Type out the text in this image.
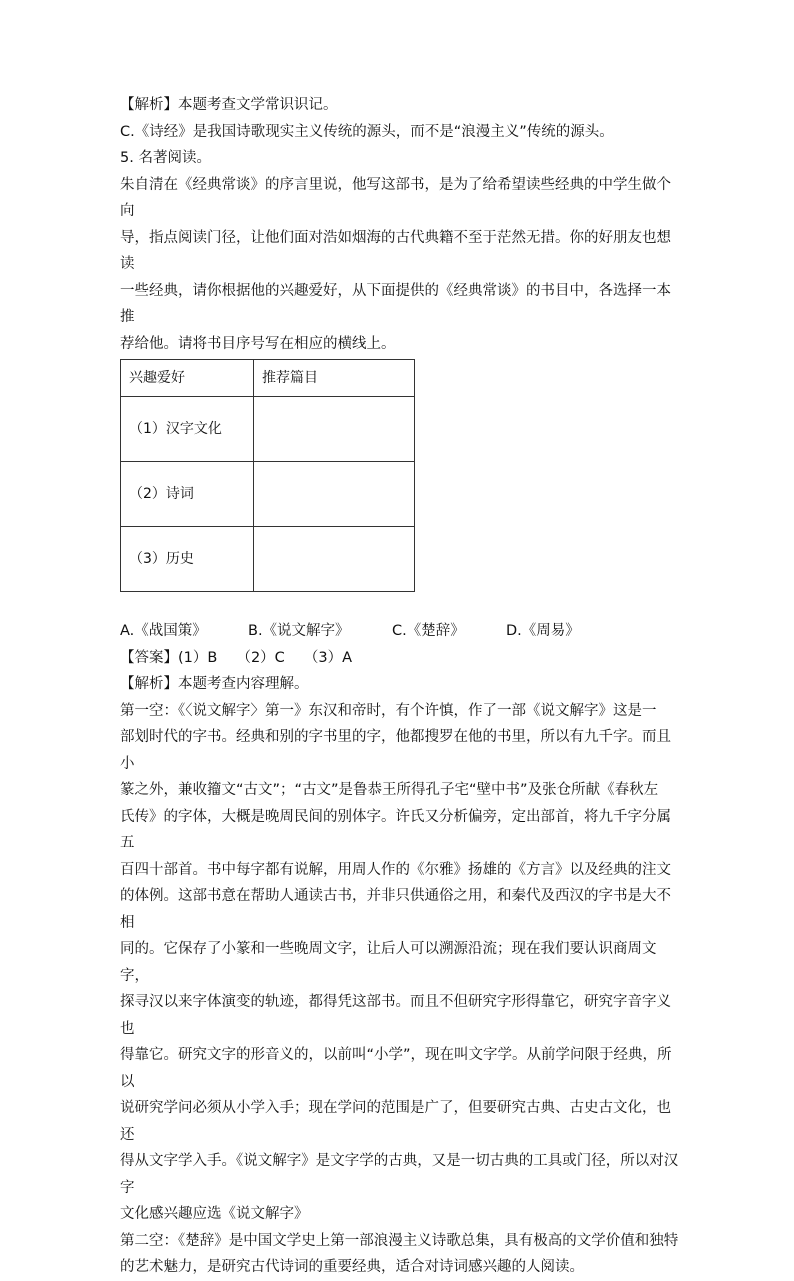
【解析】本题考查文学常识识记。

C.《诗经》是我国诗歌现实主义传统的源头，而不是“浪漫主义”传统的源头。

5. 名著阅读。

朱自清在《经典常谈》的序言里说，他写这部书，是为了给希望读些经典的中学生做个向

导，指点阅读门径，让他们面对浩如烟海的古代典籍不至于茫然无措。你的好朋友也想读

一些经典，请你根据他的兴趣爱好，从下面提供的《经典常谈》的书目中，各选择一本推

荐给他。请将书目序号写在相应的横线上。

兴趣爱好	推荐篇目
（1）汉字文化	
（2）诗词	
（3）历史	
A.《战国策》	B.《说文解字》	C.《楚辞》	D.《周易》

【答案】(1）B　 （2）C　 （3）A

【解析】本题考查内容理解。

第一空：《〈说文解字〉第一》东汉和帝时，有个许慎，作了一部《说文解字》这是一

部划时代的字书。经典和别的字书里的字，他都搜罗在他的书里，所以有九千字。而且小

篆之外，兼收籀文“古文”；“古文”是鲁恭王所得孔子宅“壁中书”及张仓所献《春秋左

氏传》的字体，大概是晚周民间的别体字。许氏又分析偏旁，定出部首，将九千字分属五

百四十部首。书中每字都有说解，用周人作的《尔雅》扬雄的《方言》以及经典的注文

的体例。这部书意在帮助人通读古书，并非只供通俗之用，和秦代及西汉的字书是大不相

同的。它保存了小篆和一些晚周文字，让后人可以溯源沿流；现在我们要认识商周文字，

探寻汉以来字体演变的轨迹，都得凭这部书。而且不但研究字形得靠它，研究字音字义也

得靠它。研究文字的形音义的，以前叫“小学”，现在叫文字学。从前学问限于经典，所以

说研究学问必须从小学入手；现在学问的范围是广了，但要研究古典、古史古文化，也还

得从文字学入手。《说文解字》是文字学的古典，又是一切古典的工具或门径，所以对汉字

文化感兴趣应选《说文解字》

第二空：《楚辞》是中国文学史上第一部浪漫主义诗歌总集，具有极高的文学价值和独特

的艺术魅力，是研究古代诗词的重要经典，适合对诗词感兴趣的人阅读。
